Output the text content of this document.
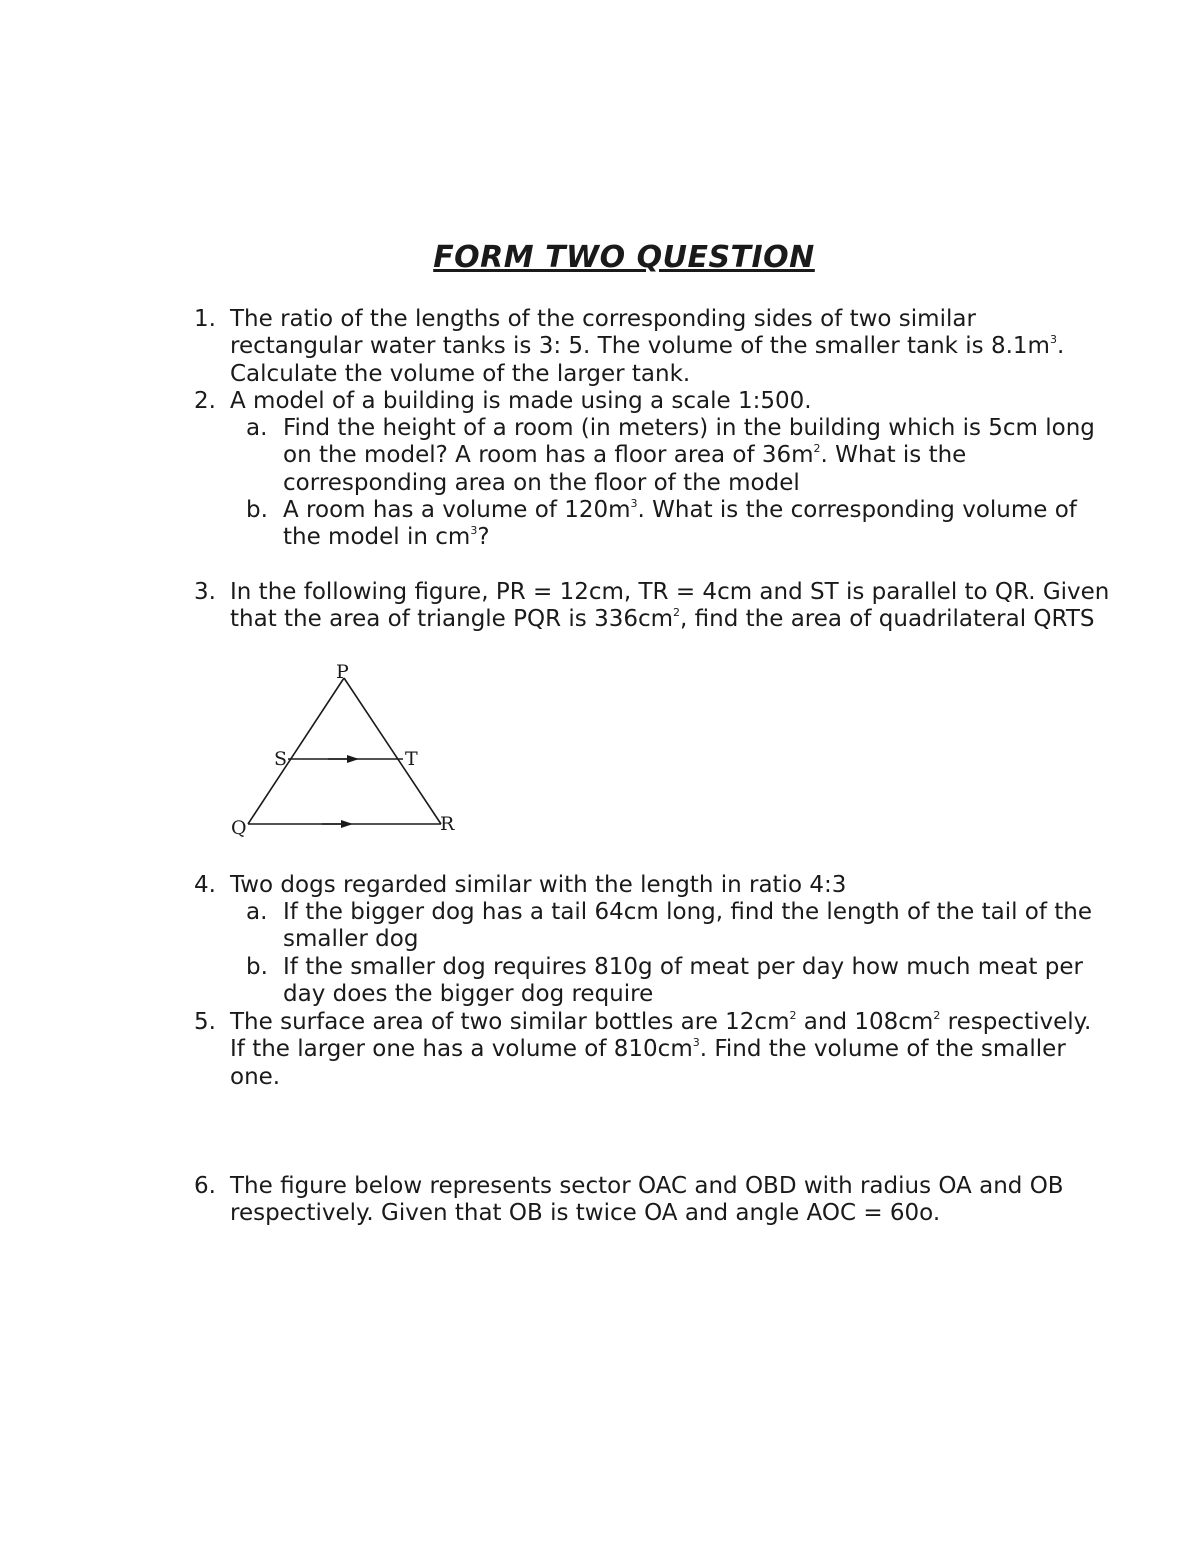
FORM TWO QUESTION
1. The ratio of the lengths of the corresponding sides of two similar rectangular water tanks is 3: 5. The volume of the smaller tank is $8.1m^3$. Calculate the volume of the larger tank.
2. A model of a building is made using a scale 1:500.
a. Find the height of a room (in meters) in the building which is 5cm long on the model? A room has a floor area of $36m^2$. What is the corresponding area on the floor of the model
b. A room has a volume of $120m^3$. What is the corresponding volume of the model in $cm^3$?
3. In the following figure, PR = 12cm, TR = 4cm and ST is parallel to QR. Given that the area of triangle PQR is $336cm^2$, find the area of quadrilateral QRTS
P
S	T
Q	R
4. Two dogs regarded similar with the length in ratio 4:3
a. If the bigger dog has a tail 64cm long, find the length of the tail of the smaller dog
b. If the smaller dog requires 810g of meat per day how much meat per day does the bigger dog require
5. The surface area of two similar bottles are $12cm^2$ and $108cm^2$ respectively. If the larger one has a volume of $810cm^3$. Find the volume of the smaller one.
6. The figure below represents sector OAC and OBD with radius OA and OB respectively. Given that OB is twice OA and angle AOC = 60o.
